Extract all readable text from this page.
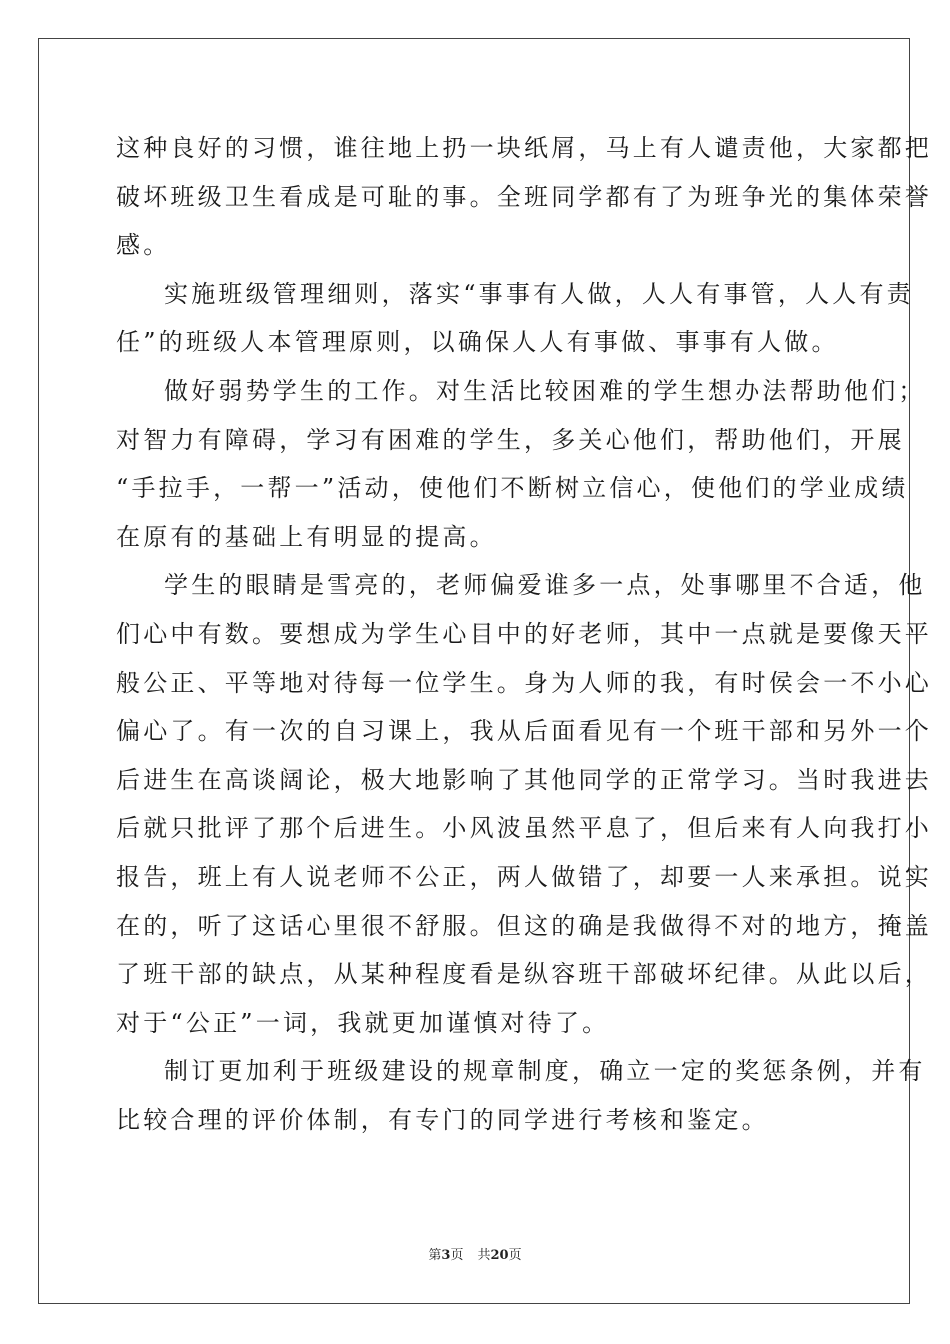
这种良好的习惯，谁往地上扔一块纸屑，马上有人谴责他，大家都把
破坏班级卫生看成是可耻的事。全班同学都有了为班争光的集体荣誉
感。
实施班级管理细则，落实“事事有人做，人人有事管，人人有责
任”的班级人本管理原则，以确保人人有事做、事事有人做。
做好弱势学生的工作。对生活比较困难的学生想办法帮助他们；
对智力有障碍，学习有困难的学生，多关心他们，帮助他们，开展
“手拉手，一帮一”活动，使他们不断树立信心，使他们的学业成绩
在原有的基础上有明显的提高。
学生的眼睛是雪亮的，老师偏爱谁多一点，处事哪里不合适，他
们心中有数。要想成为学生心目中的好老师，其中一点就是要像天平
般公正、平等地对待每一位学生。身为人师的我，有时侯会一不小心
偏心了。有一次的自习课上，我从后面看见有一个班干部和另外一个
后进生在高谈阔论，极大地影响了其他同学的正常学习。当时我进去
后就只批评了那个后进生。小风波虽然平息了，但后来有人向我打小
报告，班上有人说老师不公正，两人做错了，却要一人来承担。说实
在的，听了这话心里很不舒服。但这的确是我做得不对的地方，掩盖
了班干部的缺点，从某种程度看是纵容班干部破坏纪律。从此以后，
对于“公正”一词，我就更加谨慎对待了。
制订更加利于班级建设的规章制度，确立一定的奖惩条例，并有
比较合理的评价体制，有专门的同学进行考核和鉴定。
第3页 共20页
